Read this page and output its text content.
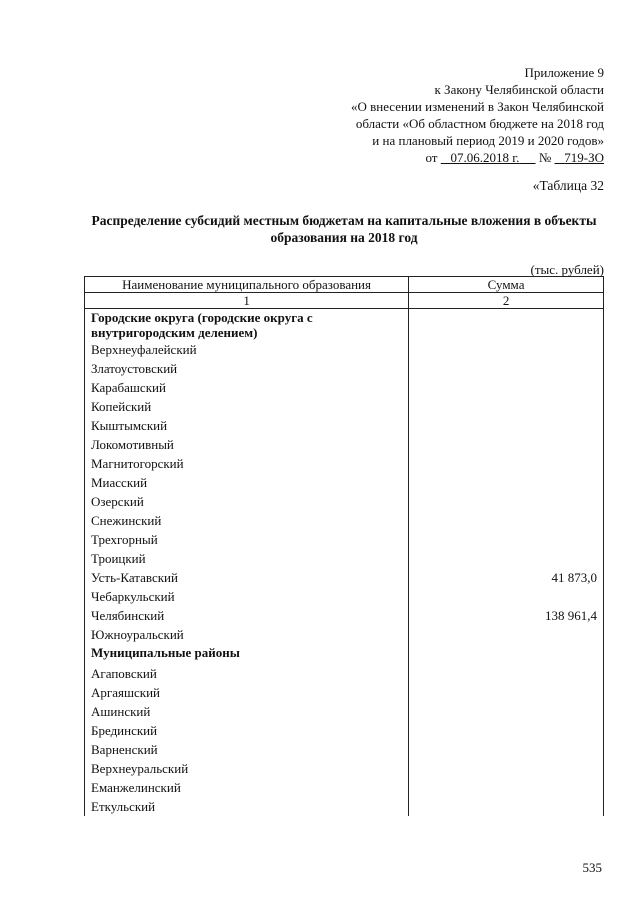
Приложение 9
к Закону Челябинской области
«О внесении изменений в Закон Челябинской
области «Об областном бюджете на 2018 год
и на плановый период 2019 и 2020 годов»
от 07.06.2018 г. № 719-ЗО
«Таблица 32
Распределение субсидий местным бюджетам на капитальные вложения в объекты образования на 2018 год
(тыс. рублей)
Наименование муниципального образования	Сумма
1	2
Городские округа (городские округа с внутригородским делением)	
Верхнеуфалейский	
Златоустовский	
Карабашский	
Копейский	
Кыштымский	
Локомотивный	
Магнитогорский	
Миасский	
Озерский	
Снежинский	
Трехгорный	
Троицкий	
Усть-Катавский	41 873,0
Чебаркульский	
Челябинский	138 961,4
Южноуральский	
Муниципальные районы	
Агаповский	
Аргаяшский	
Ашинский	
Брединский	
Варненский	
Верхнеуральский	
Еманжелинский	
Еткульский	
535
